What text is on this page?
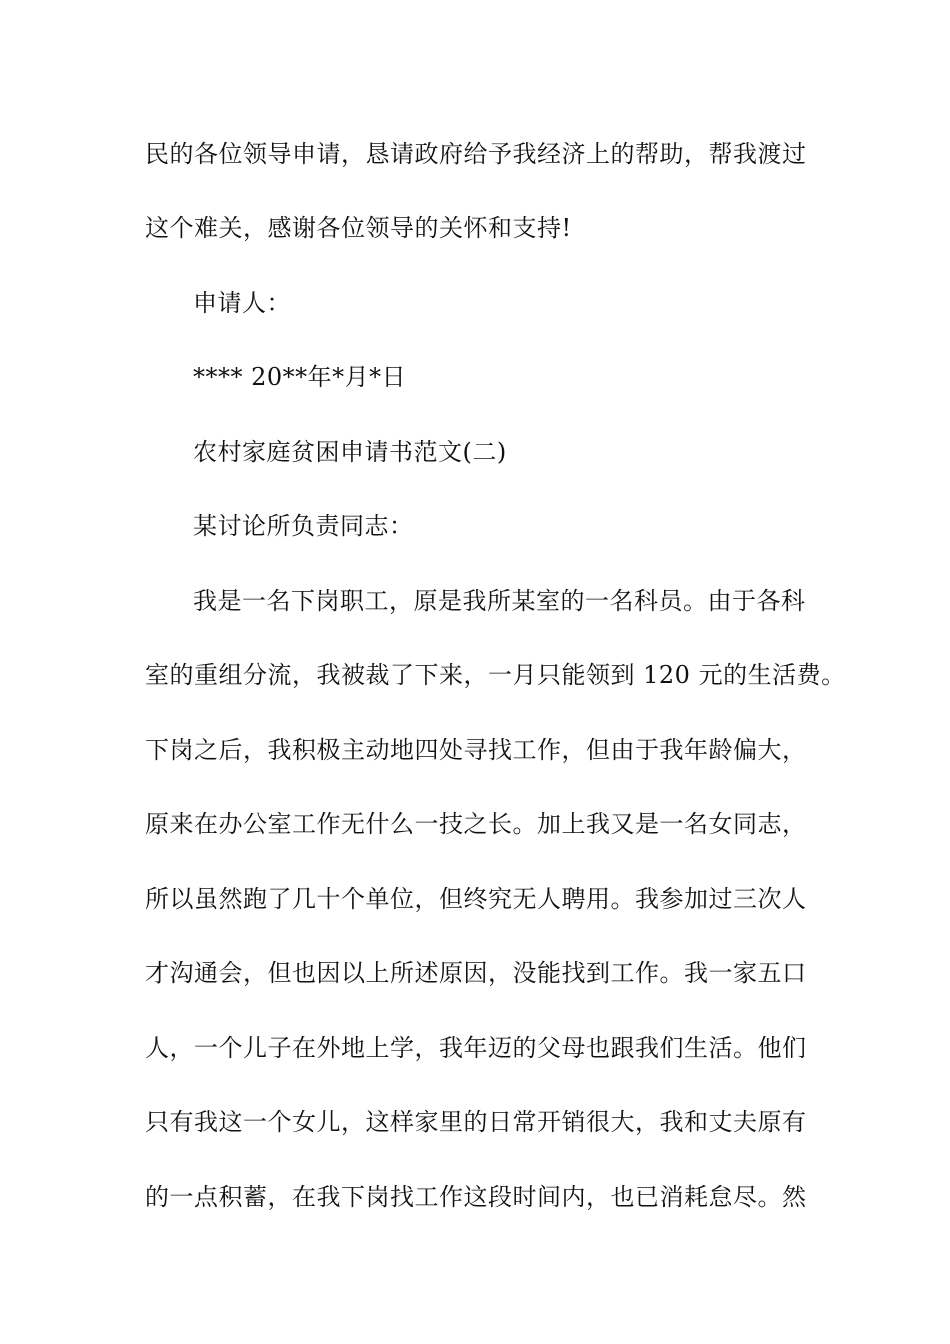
民的各位领导申请，恳请政府给予我经济上的帮助，帮我渡过
这个难关，感谢各位领导的关怀和支持!
申请人：
**** 20**年*月*日
农村家庭贫困申请书范文(二)
某讨论所负责同志：
我是一名下岗职工，原是我所某室的一名科员。由于各科
室的重组分流，我被裁了下来，一月只能领到 120 元的生活费。
下岗之后，我积极主动地四处寻找工作，但由于我年龄偏大，
原来在办公室工作无什么一技之长。加上我又是一名女同志，
所以虽然跑了几十个单位，但终究无人聘用。我参加过三次人
才沟通会，但也因以上所述原因，没能找到工作。我一家五口
人，一个儿子在外地上学，我年迈的父母也跟我们生活。他们
只有我这一个女儿，这样家里的日常开销很大，我和丈夫原有
的一点积蓄，在我下岗找工作这段时间内，也已消耗怠尽。然
